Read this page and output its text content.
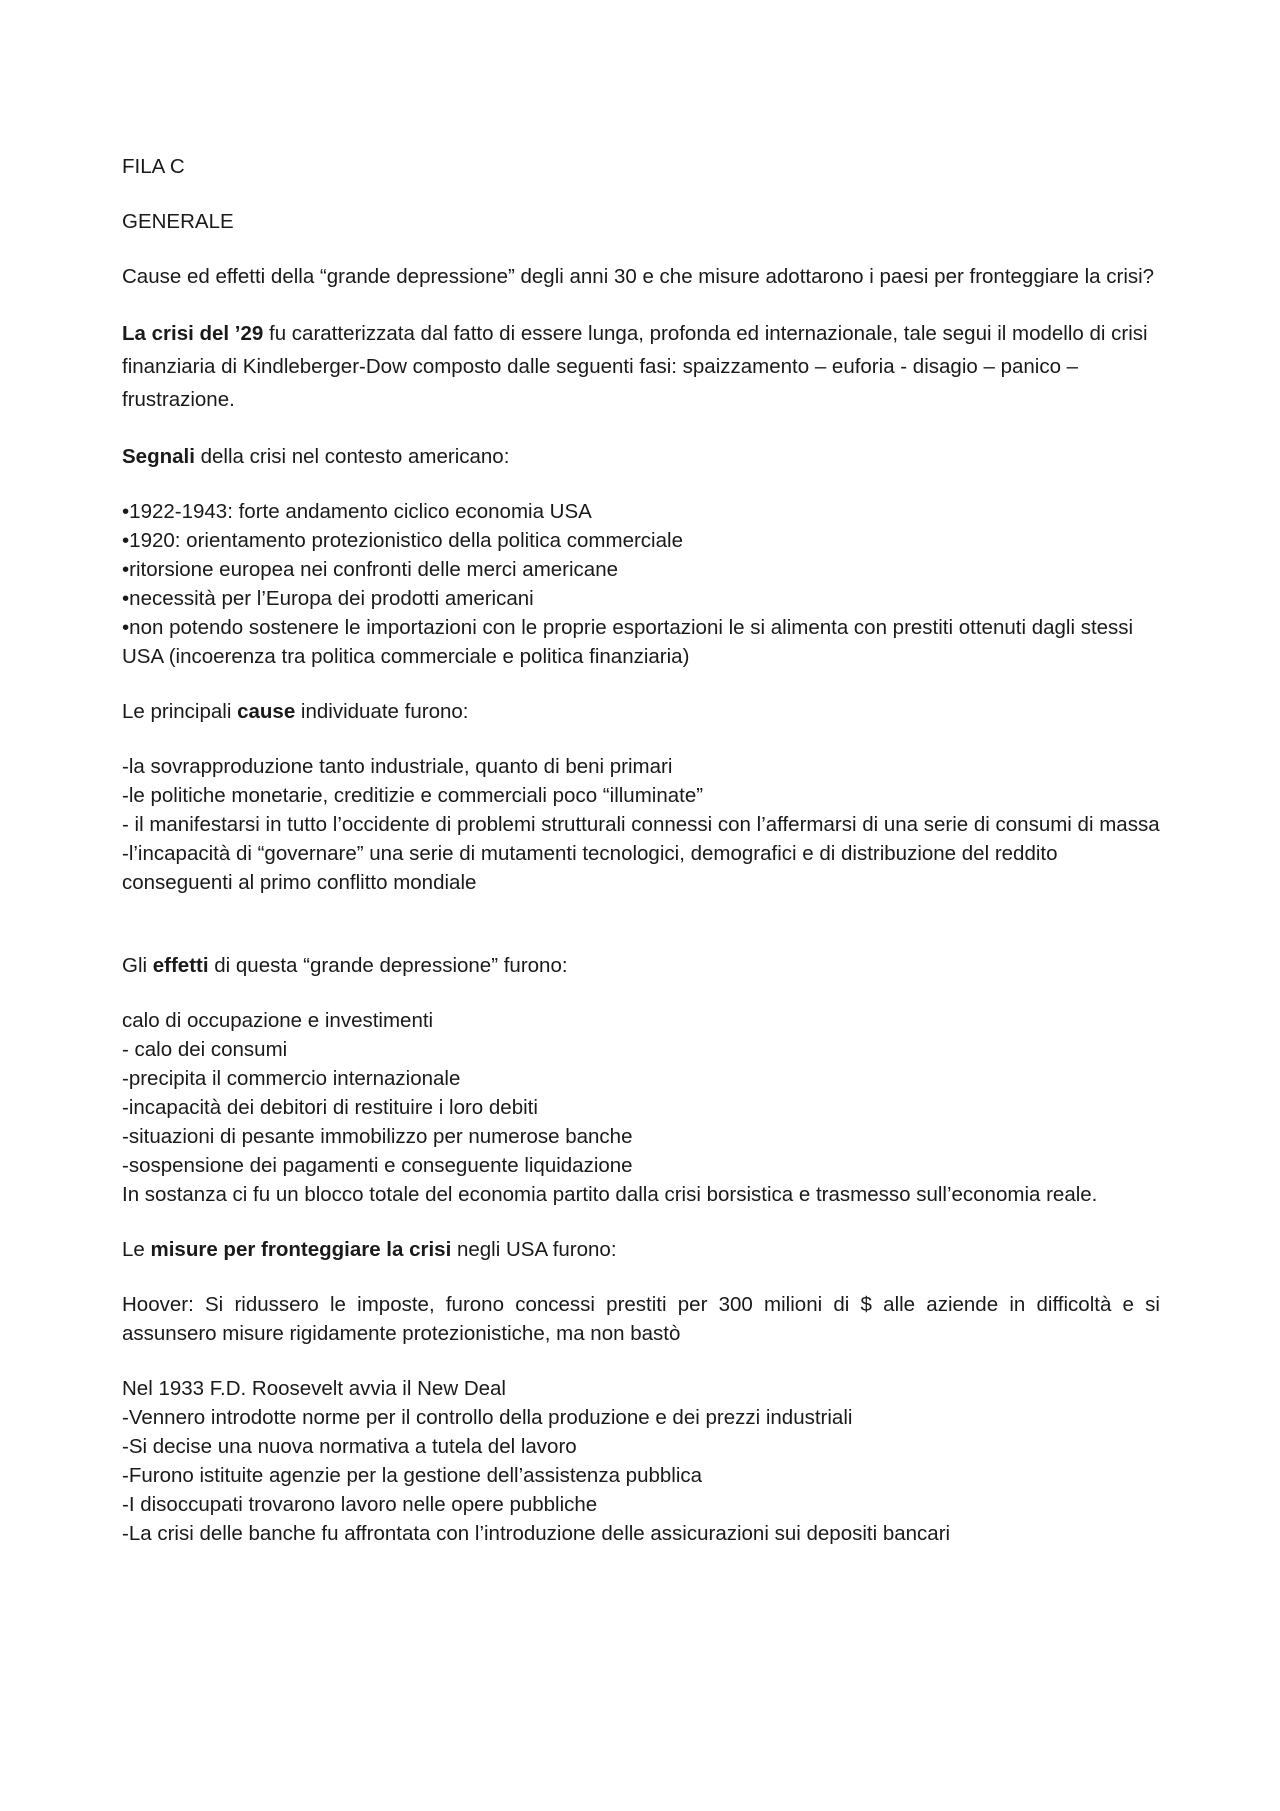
FILA C

GENERALE

Cause ed effetti della “grande depressione” degli anni 30 e che misure adottarono i paesi per fronteggiare la crisi?

La crisi del ’29 fu caratterizzata dal fatto di essere lunga, profonda ed internazionale, tale segui il modello di crisi finanziaria di Kindleberger-Dow composto dalle seguenti fasi: spaizzamento – euforia - disagio – panico – frustrazione.

Segnali della crisi nel contesto americano:

•1922-1943: forte andamento ciclico economia USA

•1920: orientamento protezionistico della politica commerciale

•ritorsione europea nei confronti delle merci americane

•necessità per l’Europa dei prodotti americani

•non potendo sostenere le importazioni con le proprie esportazioni le si alimenta con prestiti ottenuti dagli stessi USA (incoerenza tra politica commerciale e politica finanziaria)

Le principali cause individuate furono:

-la sovrapproduzione tanto industriale, quanto di beni primari

-le politiche monetarie, creditizie e commerciali poco “illuminate”

- il manifestarsi in tutto l’occidente di problemi strutturali connessi con l’affermarsi di una serie di consumi di massa

-l’incapacità di “governare” una serie di mutamenti tecnologici, demografici e di distribuzione del reddito conseguenti al primo conflitto mondiale

Gli effetti di questa “grande depressione” furono:

calo di occupazione e investimenti

- calo dei consumi

-precipita il commercio internazionale

-incapacità dei debitori di restituire i loro debiti

-situazioni di pesante immobilizzo per numerose banche

-sospensione dei pagamenti e conseguente liquidazione

In sostanza ci fu un blocco totale del economia partito dalla crisi borsistica e trasmesso sull’economia reale.

Le misure per fronteggiare la crisi negli USA furono:

Hoover: Si ridussero le imposte, furono concessi prestiti per 300 milioni di $ alle aziende in difficoltà e si assunsero misure rigidamente protezionistiche, ma non bastò

Nel 1933 F.D. Roosevelt avvia il New Deal

-Vennero introdotte norme per il controllo della produzione e dei prezzi industriali

-Si decise una nuova normativa a tutela del lavoro

-Furono istituite agenzie per la gestione dell’assistenza pubblica

-I disoccupati trovarono lavoro nelle opere pubbliche

-La crisi delle banche fu affrontata con l’introduzione delle assicurazioni sui depositi bancari
